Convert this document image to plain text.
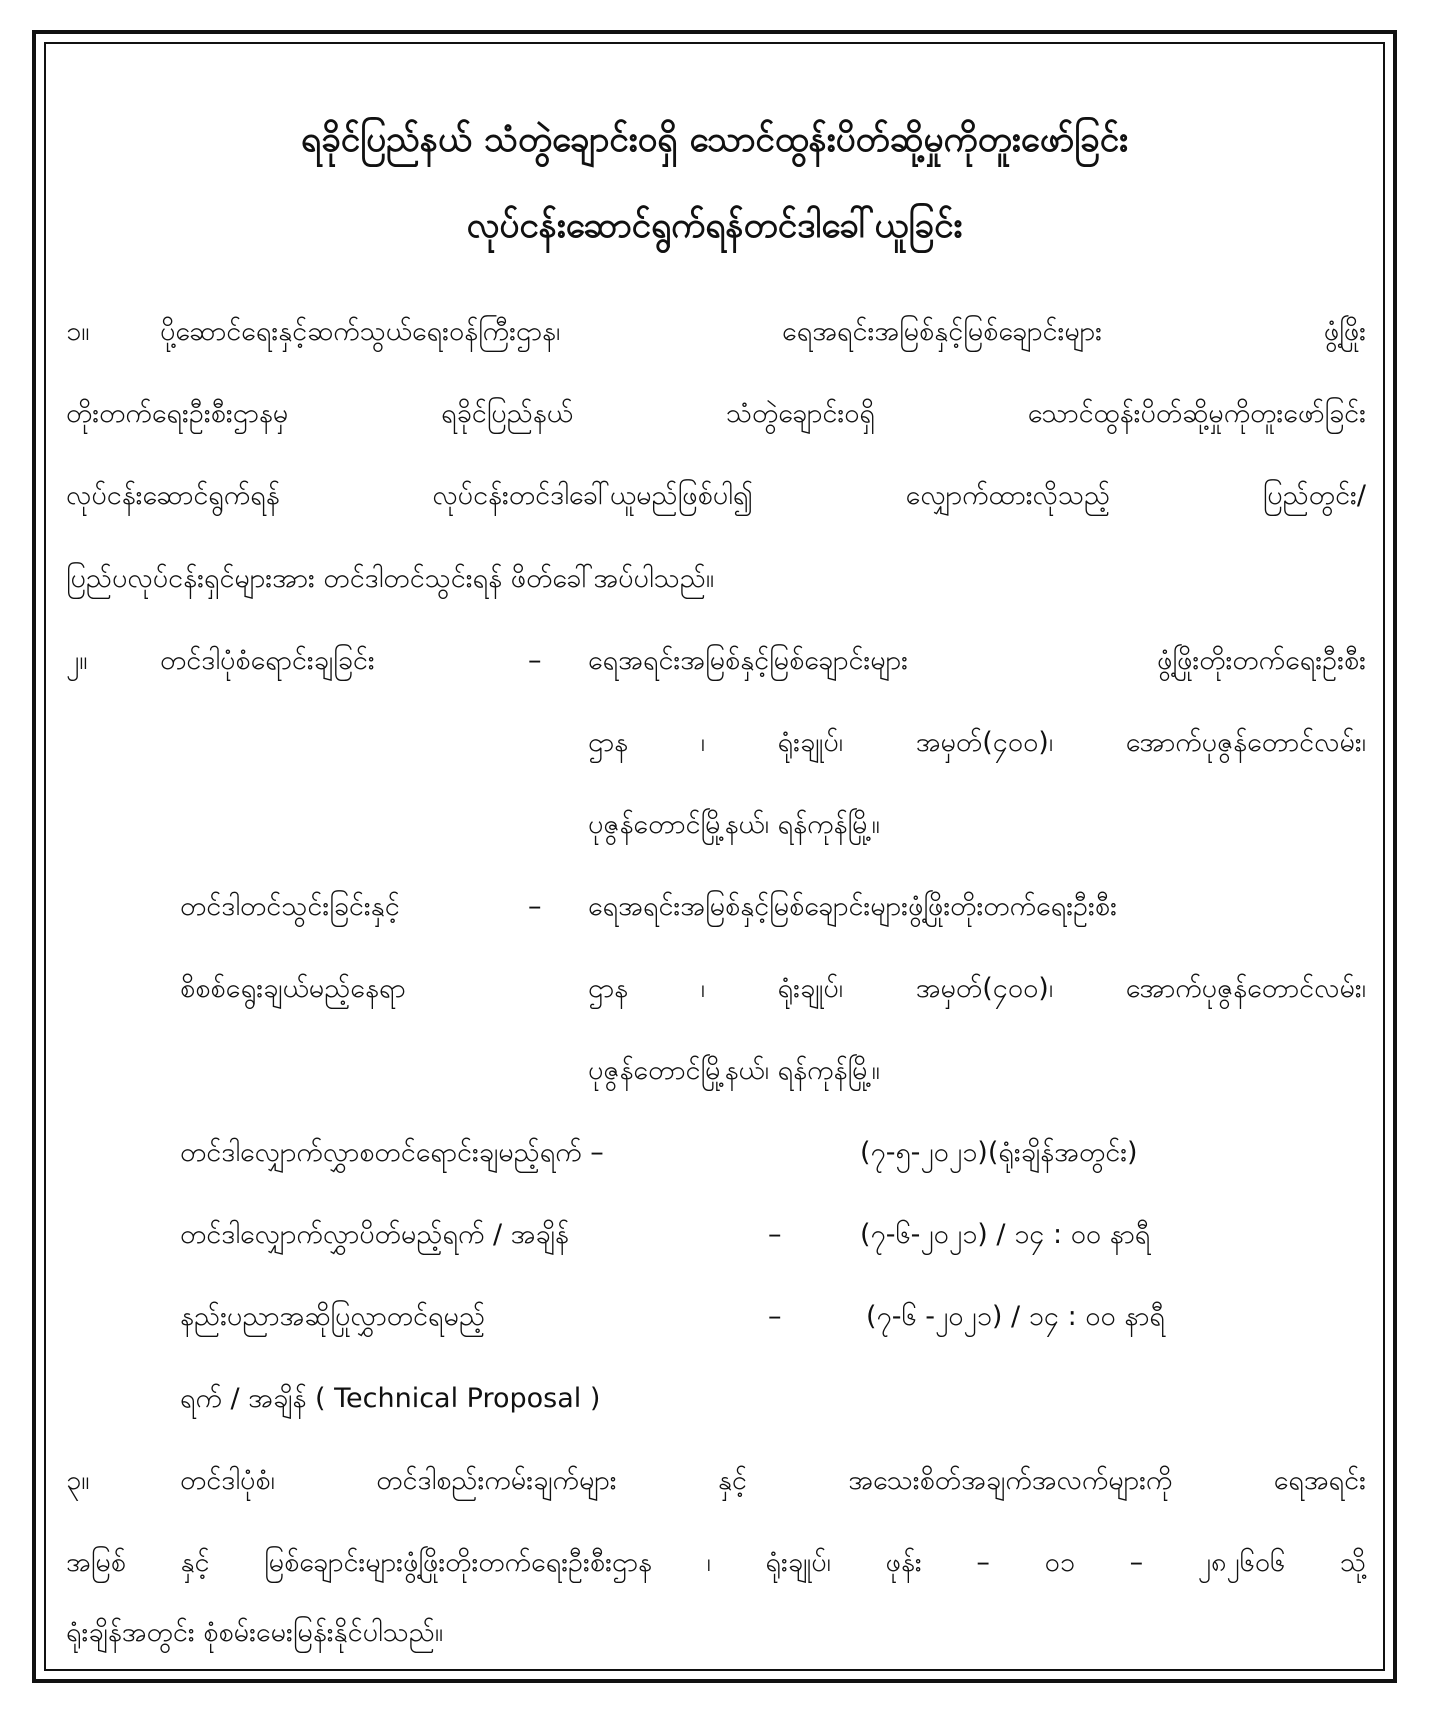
ရခိုင်ပြည်နယ် သံတွဲချောင်းဝရှိ သောင်ထွန်းပိတ်ဆို့မှုကိုတူးဖော်ခြင်း
လုပ်ငန်းဆောင်ရွက်ရန်တင်ဒါခေါ်ယူခြင်း
၁။	ပို့ဆောင်ရေးနှင့်ဆက်သွယ်ရေးဝန်ကြီးဌာန၊ ရေအရင်းအမြစ်နှင့်မြစ်ချောင်းများ ဖွံ့ဖြိုး
တိုးတက်ရေးဦးစီးဌာနမှ ရခိုင်ပြည်နယ် သံတွဲချောင်းဝရှိ သောင်ထွန်းပိတ်ဆို့မှုကိုတူးဖော်ခြင်း
လုပ်ငန်းဆောင်ရွက်ရန် လုပ်ငန်းတင်ဒါခေါ်ယူမည်ဖြစ်ပါ၍ လျှောက်ထားလိုသည့် ပြည်တွင်း/
ပြည်ပလုပ်ငန်းရှင်များအား တင်ဒါတင်သွင်းရန် ဖိတ်ခေါ်အပ်ပါသည်။
၂။	တင်ဒါပုံစံရောင်းချခြင်း	– ရေအရင်းအမြစ်နှင့်မြစ်ချောင်းများ ဖွံ့ဖြိုးတိုးတက်ရေးဦးစီး
ဌာန ၊ ရုံးချုပ်၊ အမှတ်(၄၀၀)၊ အောက်ပုဇွန်တောင်လမ်း၊
ပုဇွန်တောင်မြို့နယ်၊ ရန်ကုန်မြို့။
တင်ဒါတင်သွင်းခြင်းနှင့်
စိစစ်ရွေးချယ်မည့်နေရာ
– ရေအရင်းအမြစ်နှင့်မြစ်ချောင်းများဖွံ့ဖြိုးတိုးတက်ရေးဦးစီး
ဌာန ၊ ရုံးချုပ်၊ အမှတ်(၄၀၀)၊ အောက်ပုဇွန်တောင်လမ်း၊
ပုဇွန်တောင်မြို့နယ်၊ ရန်ကုန်မြို့။
တင်ဒါလျှောက်လွှာစတင်ရောင်းချမည့်ရက် –	(၇-၅-၂၀၂၁)(ရုံးချိန်အတွင်း)
တင်ဒါလျှောက်လွှာပိတ်မည့်ရက် / အချိန်	–	(၇-၆-၂၀၂၁) / ၁၄ : ၀၀ နာရီ
နည်းပညာအဆိုပြုလွှာတင်ရမည့်	–	(၇-၆ -၂၀၂၁) / ၁၄ : ၀၀ နာရီ
ရက် / အချိန် ( Technical Proposal )
၃။	တင်ဒါပုံစံ၊ တင်ဒါစည်းကမ်းချက်များ နှင့် အသေးစိတ်အချက်အလက်များကို ရေအရင်း
အမြစ် နှင့် မြစ်ချောင်းများဖွံ့ဖြိုးတိုးတက်ရေးဦးစီးဌာန ၊ ရုံးချုပ်၊ ဖုန်း – ၀၁ – ၂၈၂၆၀၆ သို့
ရုံးချိန်အတွင်း စုံစမ်းမေးမြန်းနိုင်ပါသည်။
